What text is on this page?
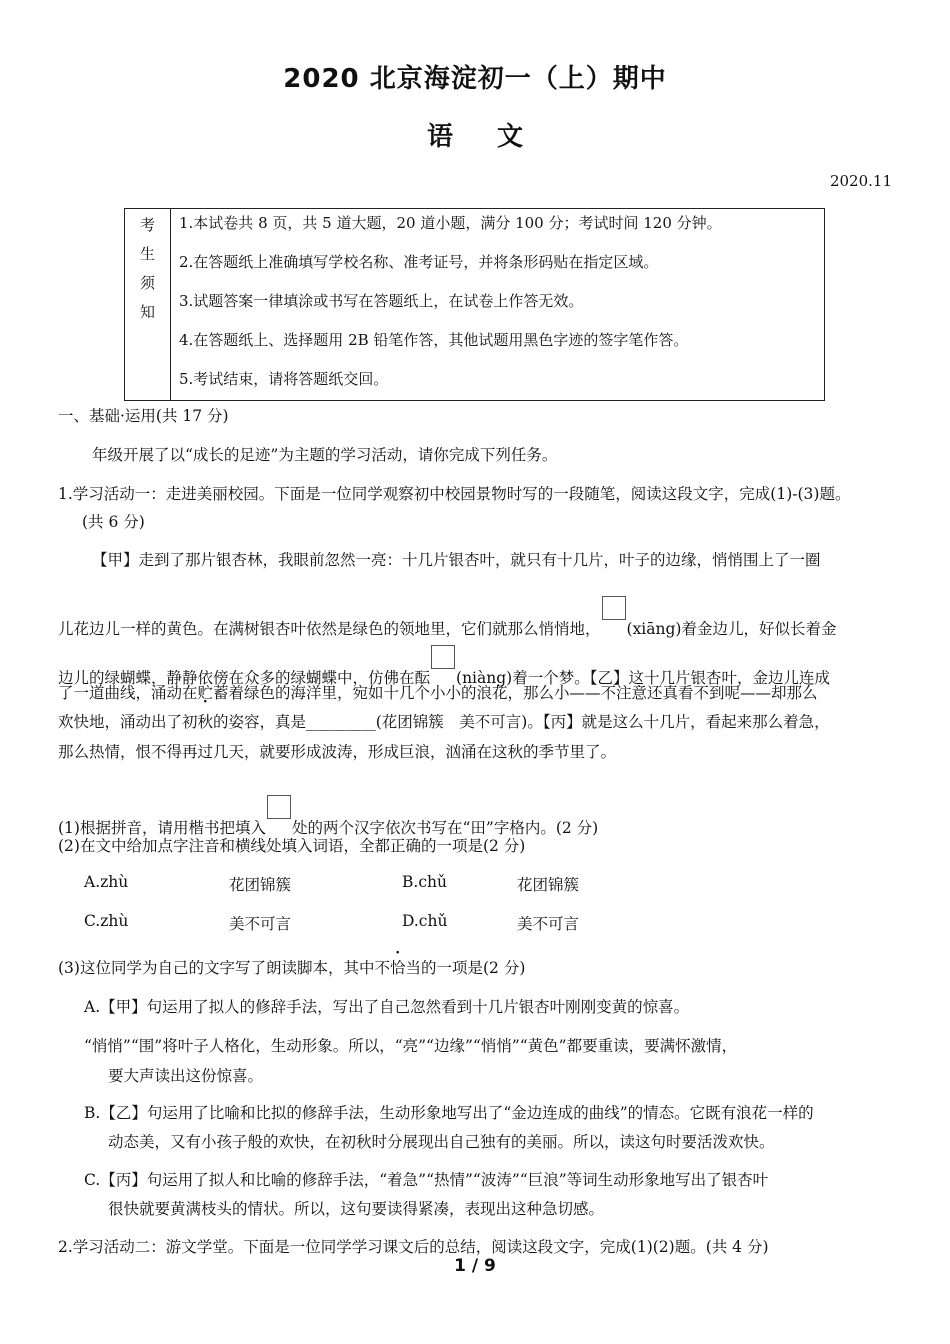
2020 北京海淀初一（上）期中
语文
2020.11
考
生
须
知
1.本试卷共 8 页，共 5 道大题，20 道小题，满分 100 分；考试时间 120 分钟。
2.在答题纸上准确填写学校名称、准考证号，并将条形码贴在指定区域。
3.试题答案一律填涂或书写在答题纸上，在试卷上作答无效。
4.在答题纸上、选择题用 2B 铅笔作答，其他试题用黑色字迹的签字笔作答。
5.考试结束，请将答题纸交回。
一、基础·运用(共 17 分)
年级开展了以“成长的足迹”为主题的学习活动，请你完成下列任务。
1.学习活动一：走进美丽校园。下面是一位同学观察初中校园景物时写的一段随笔，阅读这段文字，完成(1)-(3)题。
(共 6 分)
【甲】走到了那片银杏林，我眼前忽然一亮：十几片银杏叶，就只有十几片，叶子的边缘，悄悄围上了一圈
儿花边儿一样的黄色。在满树银杏叶依然是绿色的领地里，它们就那么悄悄地， (xiāng)着金边儿，好似长着金
边儿的绿蝴蝶，静静依傍在众多的绿蝴蝶中，仿佛在酝 (niàng)着一个梦。【乙】这十几片银杏叶，金边儿连成
了一道曲线，涌动在贮蓄着绿色的海洋里，宛如十几个小小的浪花，那么小——不注意还真看不到呢——却那么
欢快地，涌动出了初秋的姿容，真是_________(花团锦簇　美不可言)。【丙】就是这么十几片，看起来那么着急，
那么热情，恨不得再过几天，就要形成波涛，形成巨浪，汹涌在这秋的季节里了。
(1)根据拼音，请用楷书把填入 处的两个汉字依次书写在“田”字格内。(2 分)
(2)在文中给加点字注音和横线处填入词语，全都正确的一项是(2 分)
A.zhù	花团锦簇	B.chǔ	花团锦簇
C.zhù	美不可言	D.chǔ	美不可言
(3)这位同学为自己的文字写了朗读脚本，其中不恰当的一项是(2 分)
A.【甲】句运用了拟人的修辞手法，写出了自己忽然看到十几片银杏叶刚刚变黄的惊喜。
“悄悄”“围”将叶子人格化，生动形象。所以，“亮”“边缘”“悄悄”“黄色”都要重读，要满怀激情，
要大声读出这份惊喜。
B.【乙】句运用了比喻和比拟的修辞手法，生动形象地写出了“金边连成的曲线”的情态。它既有浪花一样的
动态美，又有小孩子般的欢快，在初秋时分展现出自己独有的美丽。所以，读这句时要活泼欢快。
C.【丙】句运用了拟人和比喻的修辞手法，“着急”“热情”“波涛”“巨浪”等词生动形象地写出了银杏叶
很快就要黄满枝头的情状。所以，这句要读得紧凑，表现出这种急切感。
2.学习活动二：游文学堂。下面是一位同学学习课文后的总结，阅读这段文字，完成(1)(2)题。(共 4 分)
1 / 9
